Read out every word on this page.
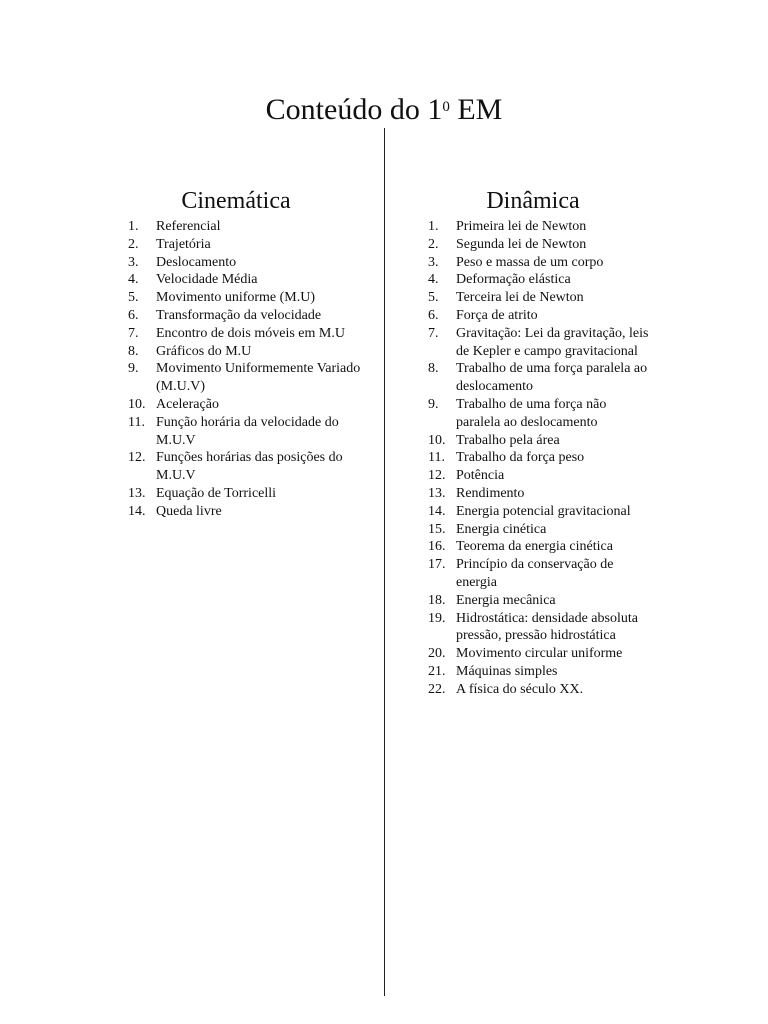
Conteúdo do $1^0$ EM
Cinemática
1.	Referencial
2.	Trajetória
3.	Deslocamento
4.	Velocidade Média
5.	Movimento uniforme (M.U)
6.	Transformação da velocidade
7.	Encontro de dois móveis em M.U
8.	Gráficos do M.U
9.	Movimento Uniformemente Variado (M.U.V)
10. Aceleração
11. Função horária da velocidade do M.U.V
12. Funções horárias das posições do M.U.V
13. Equação de Torricelli
14. Queda livre
Dinâmica
1.	Primeira lei de Newton
2.	Segunda lei de Newton
3.	Peso e massa de um corpo
4.	Deformação elástica
5.	Terceira lei de Newton
6.	Força de atrito
7.	Gravitação: Lei da gravitação, leis de Kepler e campo gravitacional
8.	Trabalho de uma força paralela ao deslocamento
9.	Trabalho de uma força não paralela ao deslocamento
10. Trabalho pela área
11. Trabalho da força peso
12. Potência
13. Rendimento
14. Energia potencial gravitacional
15. Energia cinética
16. Teorema da energia cinética
17. Princípio da conservação de energia
18. Energia mecânica
19. Hidrostática: densidade absoluta pressão, pressão hidrostática
20. Movimento circular uniforme
21. Máquinas simples
22. A física do século XX.
